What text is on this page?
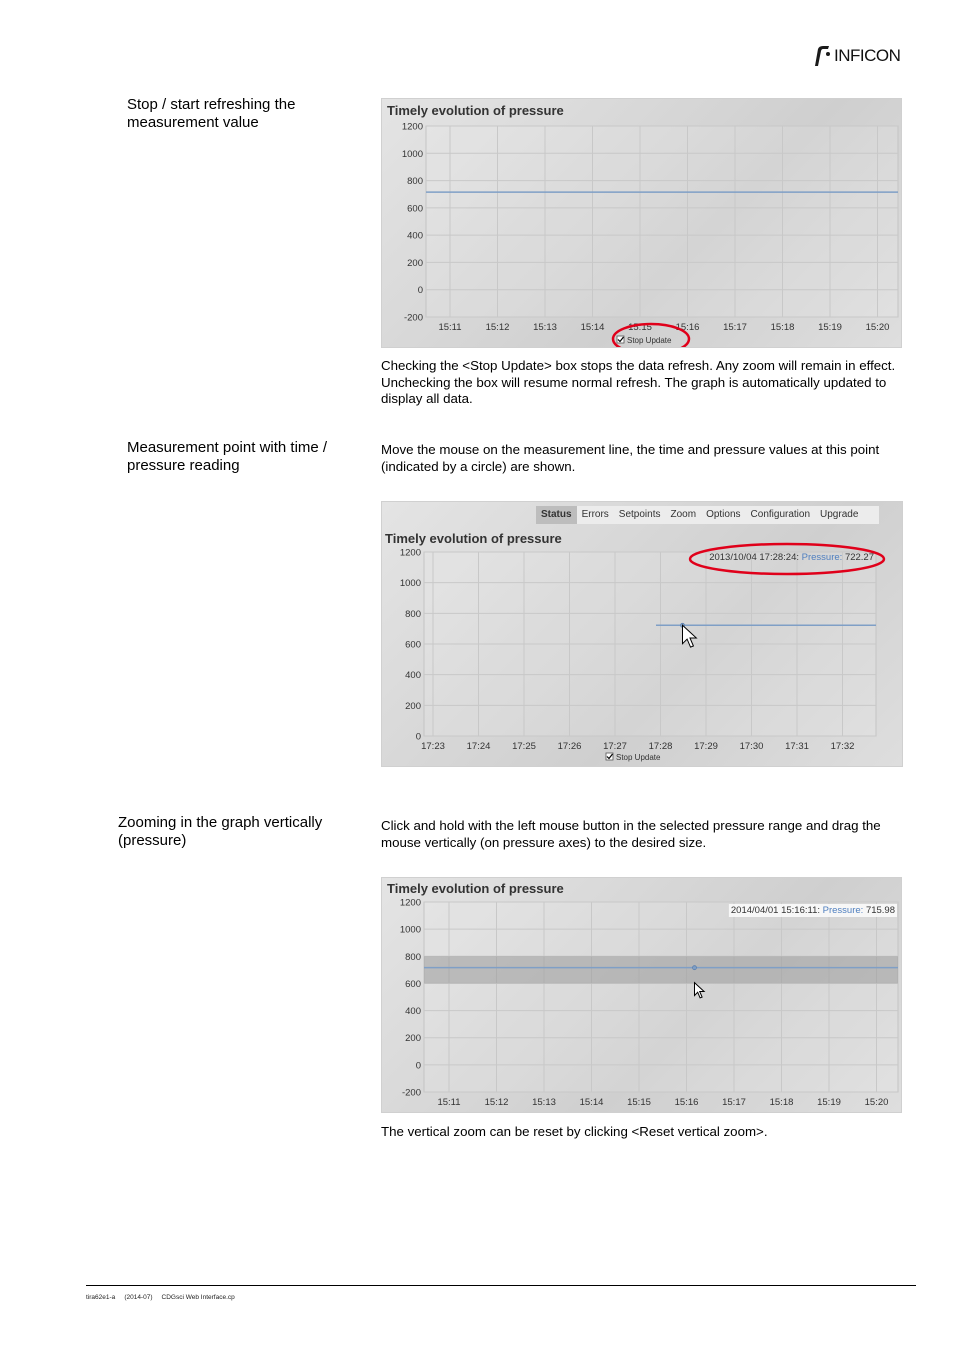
INFICON
Stop / start refreshing the measurement value
Timely evolution of pressure
1200
1000
800
600
400
200
0
-200
15:11	15:12 15:13 15:14 15:15 15:16 15:17 15:18 15:19 15:20
Stop Update
Checking the <Stop Update> box stops the data refresh. Any zoom will remain in effect. Unchecking the box will resume normal refresh. The graph is automatically updated to display all data.
Measurement point with time / pressure reading
Move the mouse on the measurement line, the time and pressure values at this point (indicated by a circle) are shown.
Status	Errors	Setpoints	Zoom	Options	Configuration	Upgrade
Timely evolution of pressure
1200
1000
800
600
400
200
0
17:23 17:24 17:25 17:26 17:27 17:28 17:29 17:30 17:31 17:32
2013/10/04 17:28:24: Pressure: 722.27
Stop Update
Zooming in the graph vertically (pressure)
Click and hold with the left mouse button in the selected pressure range and drag the mouse vertically (on pressure axes) to the desired size.
Timely evolution of pressure
1200
1000
800
600
400
200
0
-200
15:11	15:12 15:13 15:14 15:15 15:16 15:17 15:18 15:19 15:20
2014/04/01 15:16:11: Pressure: 715.98
The vertical zoom can be reset by clicking <Reset vertical zoom>.
tira62e1-a (2014-07) CDGsci Web Interface.cp
